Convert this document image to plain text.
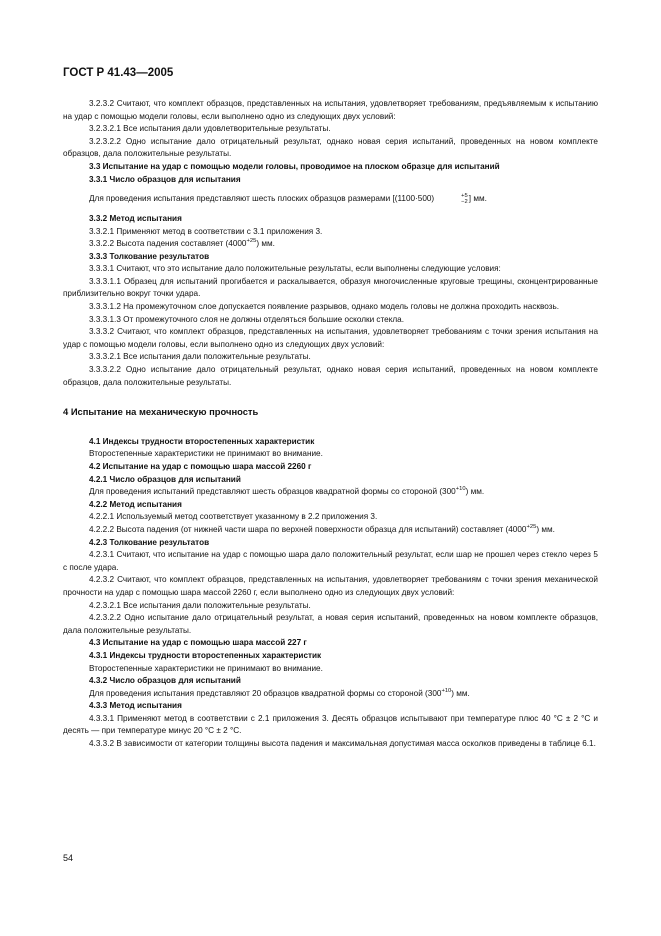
ГОСТ Р 41.43—2005

3.2.3.2 Считают, что комплект образцов, представленных на испытания, удовлетворяет требованиям, предъявляемым к испытанию на удар с помощью модели головы, если выполнено одно из следующих двух условий:

3.2.3.2.1 Все испытания дали удовлетворительные результаты.

3.2.3.2.2 Одно испытание дало отрицательный результат, однако новая серия испытаний, проведенных на новом комплекте образцов, дала положительные результаты.

3.3 Испытание на удар с помощью модели головы, проводимое на плоском образце для испытаний

3.3.1 Число образцов для испытания

Для проведения испытания представляют шесть плоских образцов размерами [(1100·500)	+5
−2 ] мм.

3.3.2 Метод испытания

3.3.2.1 Применяют метод в соответствии с 3.1 приложения 3.

3.3.2.2 Высота падения составляет $(4000^{+25})$ мм.

3.3.3 Толкование результатов

3.3.3.1 Считают, что это испытание дало положительные результаты, если выполнены следующие условия:

3.3.3.1.1 Образец для испытаний прогибается и раскалывается, образуя многочисленные круговые трещины, сконцентрированные приблизительно вокруг точки удара.

3.3.3.1.2 На промежуточном слое допускается появление разрывов, однако модель головы не должна проходить насквозь.

3.3.3.1.3 От промежуточного слоя не должны отделяться большие осколки стекла.

3.3.3.2 Считают, что комплект образцов, представленных на испытания, удовлетворяет требованиям с точки зрения испытания на удар с помощью модели головы, если выполнено одно из следующих двух условий:

3.3.3.2.1 Все испытания дали положительные результаты.

3.3.3.2.2 Одно испытание дало отрицательный результат, однако новая серия испытаний, проведенных на новом комплекте образцов, дала положительные результаты.

4 Испытание на механическую прочность

4.1 Индексы трудности второстепенных характеристик

Второстепенные характеристики не принимают во внимание.

4.2 Испытание на удар с помощью шара массой 2260 г

4.2.1 Число образцов для испытаний

Для проведения испытаний представляют шесть образцов квадратной формы со стороной $(300^{+10})$ мм.

4.2.2 Метод испытания

4.2.2.1 Используемый метод соответствует указанному в 2.2 приложения 3.

4.2.2.2 Высота падения (от нижней части шара по верхней поверхности образца для испытаний) составляет $(4000^{+25})$ мм.

4.2.3 Толкование результатов

4.2.3.1 Считают, что испытание на удар с помощью шара дало положительный результат, если шар не прошел через стекло через 5 с после удара.

4.2.3.2 Считают, что комплект образцов, представленных на испытания, удовлетворяет требованиям с точки зрения механической прочности на удар с помощью шара массой 2260 г, если выполнено одно из следующих двух условий:

4.2.3.2.1 Все испытания дали положительные результаты.

4.2.3.2.2 Одно испытание дало отрицательный результат, а новая серия испытаний, проведенных на новом комплекте образцов, дала положительные результаты.

4.3 Испытание на удар с помощью шара массой 227 г

4.3.1 Индексы трудности второстепенных характеристик

Второстепенные характеристики не принимают во внимание.

4.3.2 Число образцов для испытаний

Для проведения испытания представляют 20 образцов квадратной формы со стороной $(300^{+10})$ мм.

4.3.3 Метод испытания

4.3.3.1 Применяют метод в соответствии с 2.1 приложения 3. Десять образцов испытывают при температуре плюс 40 °С ± 2 °С и десять — при температуре минус 20 °С ± 2 °С.

4.3.3.2 В зависимости от категории толщины высота падения и максимальная допустимая масса осколков приведены в таблице 6.1.

54
